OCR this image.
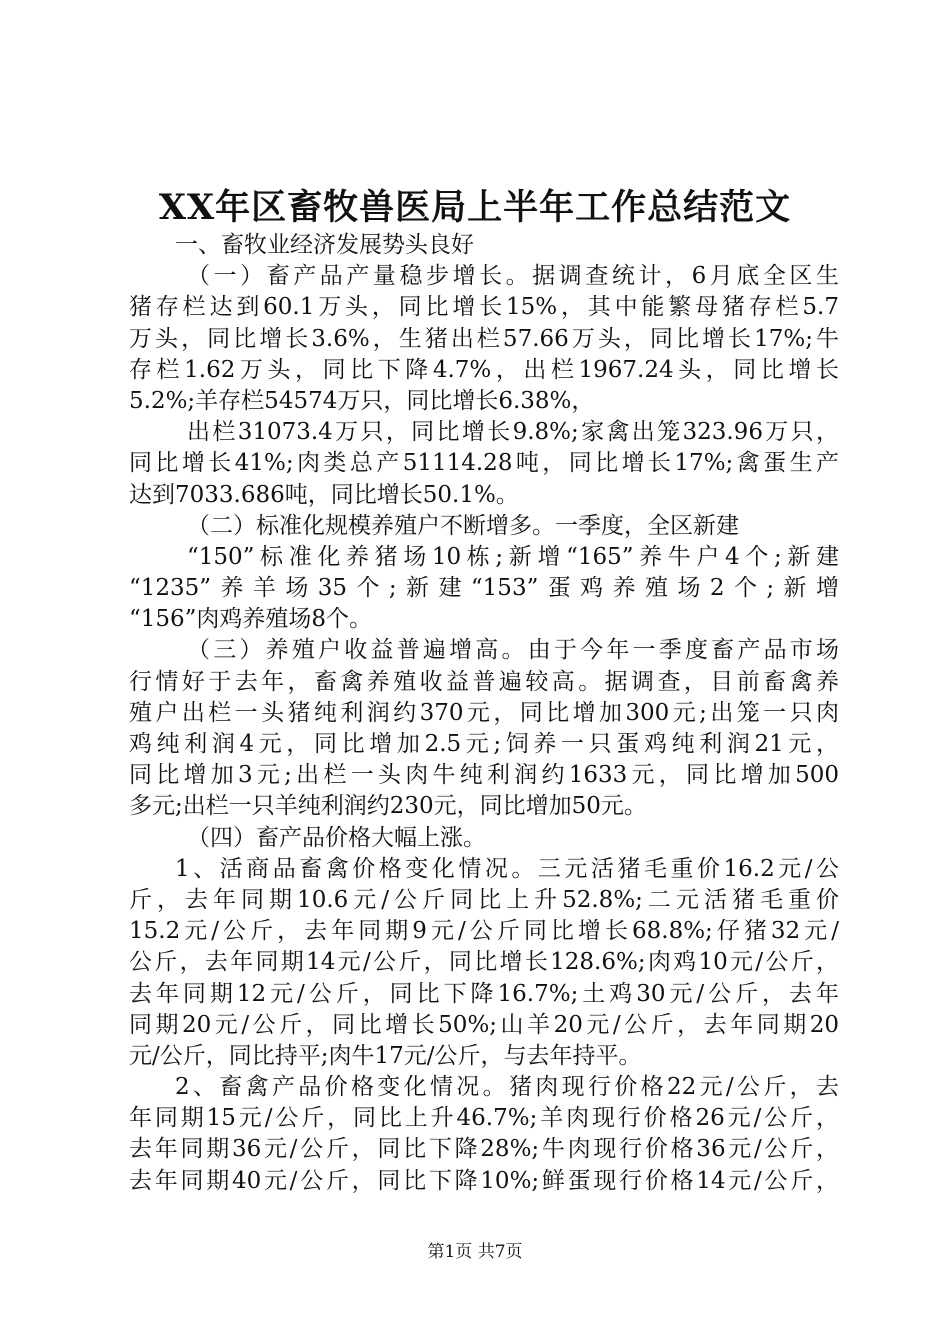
XX年区畜牧兽医局上半年工作总结范文
一、畜牧业经济发展势头良好
（一）畜产品产量稳步增长。据调查统计，6月底全区生
猪存栏达到60.1万头，同比增长15%，其中能繁母猪存栏5.7
万头，同比增长3.6%，生猪出栏57.66万头，同比增长17%;牛
存栏1.62万头，同比下降4.7%，出栏1967.24头，同比增长
5.2%;羊存栏54574万只，同比增长6.38%，
出栏31073.4万只，同比增长9.8%;家禽出笼323.96万只，
同比增长41%;肉类总产51114.28吨，同比增长17%;禽蛋生产
达到7033.686吨，同比增长50.1%。
（二）标准化规模养殖户不断增多。一季度，全区新建
“150”标准化养猪场10栋;新增“165”养牛户4个;新建
“1235”养羊场35个;新建“153”蛋鸡养殖场2个;新增
“156”肉鸡养殖场8个。
（三）养殖户收益普遍增高。由于今年一季度畜产品市场
行情好于去年，畜禽养殖收益普遍较高。据调查，目前畜禽养
殖户出栏一头猪纯利润约370元，同比增加300元;出笼一只肉
鸡纯利润4元，同比增加2.5元;饲养一只蛋鸡纯利润21元，
同比增加3元;出栏一头肉牛纯利润约1633元，同比增加500
多元;出栏一只羊纯利润约230元，同比增加50元。
（四）畜产品价格大幅上涨。
1、活商品畜禽价格变化情况。三元活猪毛重价16.2元/公
斤，去年同期10.6元/公斤同比上升52.8%;二元活猪毛重价
15.2元/公斤，去年同期9元/公斤同比增长68.8%;仔猪32元/
公斤，去年同期14元/公斤，同比增长128.6%;肉鸡10元/公斤，
去年同期12元/公斤，同比下降16.7%;土鸡30元/公斤，去年
同期20元/公斤，同比增长50%;山羊20元/公斤，去年同期20
元/公斤，同比持平;肉牛17元/公斤，与去年持平。
2、畜禽产品价格变化情况。猪肉现行价格22元/公斤，去
年同期15元/公斤，同比上升46.7%;羊肉现行价格26元/公斤，
去年同期36元/公斤，同比下降28%;牛肉现行价格36元/公斤，
去年同期40元/公斤，同比下降10%;鲜蛋现行价格14元/公斤，
第1页 共7页
